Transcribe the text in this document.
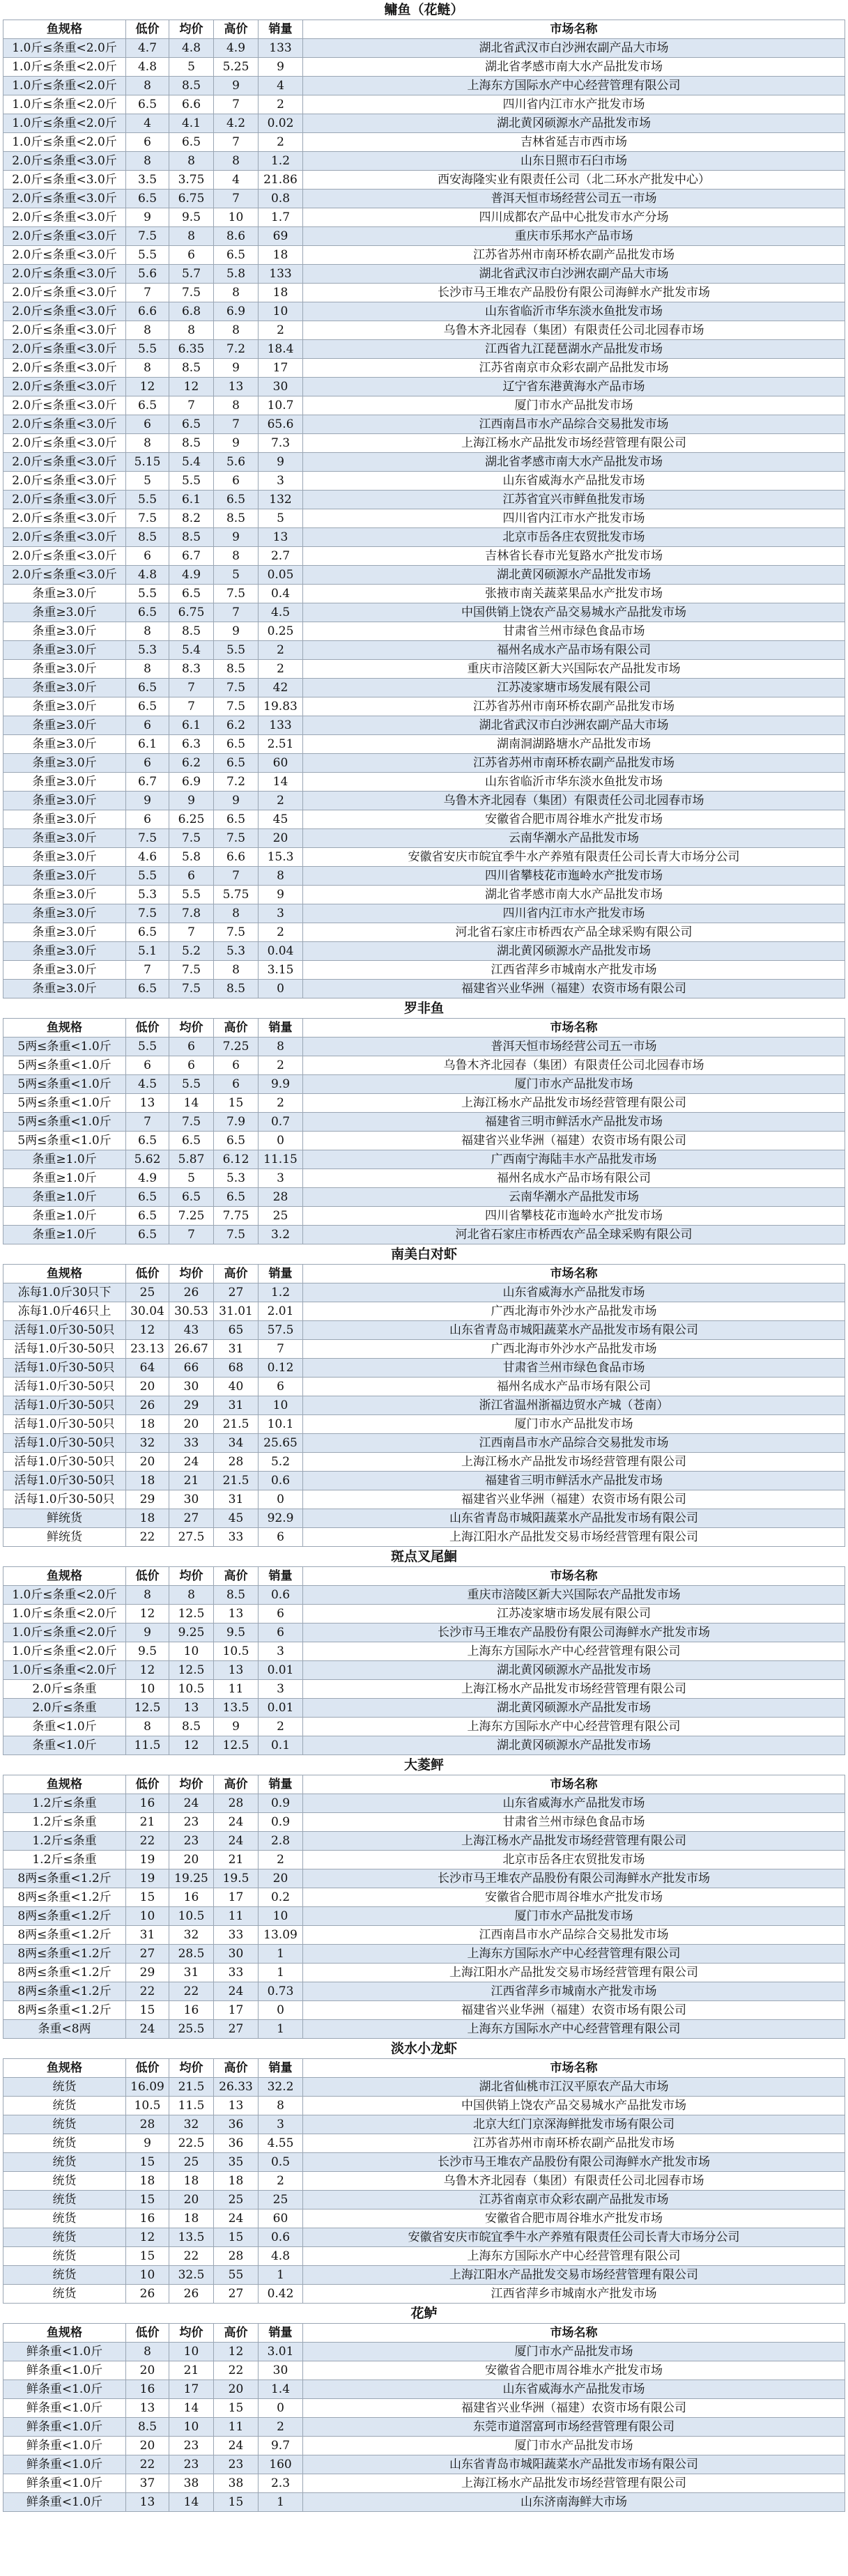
鳙鱼（花鲢）
鱼规格	低价	均价	高价	销量	市场名称
1.0斤≤条重<2.0斤	4.7	4.8	4.9	133	湖北省武汉市白沙洲农副产品大市场
1.0斤≤条重<2.0斤	4.8	5	5.25	9	湖北省孝感市南大水产品批发市场
1.0斤≤条重<2.0斤	8	8.5	9	4	上海东方国际水产中心经营管理有限公司
1.0斤≤条重<2.0斤	6.5	6.6	7	2	四川省内江市水产批发市场
1.0斤≤条重<2.0斤	4	4.1	4.2	0.02	湖北黄冈硕源水产品批发市场
1.0斤≤条重<2.0斤	6	6.5	7	2	吉林省延吉市西市场
2.0斤≤条重<3.0斤	8	8	8	1.2	山东日照市石臼市场
2.0斤≤条重<3.0斤	3.5	3.75	4	21.86	西安海隆实业有限责任公司（北二环水产批发中心）
2.0斤≤条重<3.0斤	6.5	6.75	7	0.8	普洱天恒市场经营公司五一市场
2.0斤≤条重<3.0斤	9	9.5	10	1.7	四川成都农产品中心批发市水产分场
2.0斤≤条重<3.0斤	7.5	8	8.6	69	重庆市乐邦水产品市场
2.0斤≤条重<3.0斤	5.5	6	6.5	18	江苏省苏州市南环桥农副产品批发市场
2.0斤≤条重<3.0斤	5.6	5.7	5.8	133	湖北省武汉市白沙洲农副产品大市场
2.0斤≤条重<3.0斤	7	7.5	8	18	长沙市马王堆农产品股份有限公司海鲜水产批发市场
2.0斤≤条重<3.0斤	6.6	6.8	6.9	10	山东省临沂市华东淡水鱼批发市场
2.0斤≤条重<3.0斤	8	8	8	2	乌鲁木齐北园春（集团）有限责任公司北园春市场
2.0斤≤条重<3.0斤	5.5	6.35	7.2	18.4	江西省九江琵琶湖水产品批发市场
2.0斤≤条重<3.0斤	8	8.5	9	17	江苏省南京市众彩农副产品批发市场
2.0斤≤条重<3.0斤	12	12	13	30	辽宁省东港黄海水产品市场
2.0斤≤条重<3.0斤	6.5	7	8	10.7	厦门市水产品批发市场
2.0斤≤条重<3.0斤	6	6.5	7	65.6	江西南昌市水产品综合交易批发市场
2.0斤≤条重<3.0斤	8	8.5	9	7.3	上海江杨水产品批发市场经营管理有限公司
2.0斤≤条重<3.0斤	5.15	5.4	5.6	9	湖北省孝感市南大水产品批发市场
2.0斤≤条重<3.0斤	5	5.5	6	3	山东省威海水产品批发市场
2.0斤≤条重<3.0斤	5.5	6.1	6.5	132	江苏省宜兴市鲜鱼批发市场
2.0斤≤条重<3.0斤	7.5	8.2	8.5	5	四川省内江市水产批发市场
2.0斤≤条重<3.0斤	8.5	8.5	9	13	北京市岳各庄农贸批发市场
2.0斤≤条重<3.0斤	6	6.7	8	2.7	吉林省长春市光复路水产批发市场
2.0斤≤条重<3.0斤	4.8	4.9	5	0.05	湖北黄冈硕源水产品批发市场
条重≥3.0斤	5.5	6.5	7.5	0.4	张掖市南关蔬菜果品水产批发市场
条重≥3.0斤	6.5	6.75	7	4.5	中国供销上饶农产品交易城水产品批发市场
条重≥3.0斤	8	8.5	9	0.25	甘肃省兰州市绿色食品市场
条重≥3.0斤	5.3	5.4	5.5	2	福州名成水产品市场有限公司
条重≥3.0斤	8	8.3	8.5	2	重庆市涪陵区新大兴国际农产品批发市场
条重≥3.0斤	6.5	7	7.5	42	江苏凌家塘市场发展有限公司
条重≥3.0斤	6.5	7	7.5	19.83	江苏省苏州市南环桥农副产品批发市场
条重≥3.0斤	6	6.1	6.2	133	湖北省武汉市白沙洲农副产品大市场
条重≥3.0斤	6.1	6.3	6.5	2.51	湖南洞湖路塘水产品批发市场
条重≥3.0斤	6	6.2	6.5	60	江苏省苏州市南环桥农副产品批发市场
条重≥3.0斤	6.7	6.9	7.2	14	山东省临沂市华东淡水鱼批发市场
条重≥3.0斤	9	9	9	2	乌鲁木齐北园春（集团）有限责任公司北园春市场
条重≥3.0斤	6	6.25	6.5	45	安徽省合肥市周谷堆水产批发市场
条重≥3.0斤	7.5	7.5	7.5	20	云南华潮水产品批发市场
条重≥3.0斤	4.6	5.8	6.6	15.3	安徽省安庆市皖宜季牛水产养殖有限责任公司长青大市场分公司
条重≥3.0斤	5.5	6	7	8	四川省攀枝花市迤岭水产批发市场
条重≥3.0斤	5.3	5.5	5.75	9	湖北省孝感市南大水产品批发市场
条重≥3.0斤	7.5	7.8	8	3	四川省内江市水产批发市场
条重≥3.0斤	6.5	7	7.5	2	河北省石家庄市桥西农产品全球采购有限公司
条重≥3.0斤	5.1	5.2	5.3	0.04	湖北黄冈硕源水产品批发市场
条重≥3.0斤	7	7.5	8	3.15	江西省萍乡市城南水产批发市场
条重≥3.0斤	6.5	7.5	8.5	0	福建省兴业华洲（福建）农资市场有限公司
罗非鱼
鱼规格	低价	均价	高价	销量	市场名称
5两≤条重<1.0斤	5.5	6	7.25	8	普洱天恒市场经营公司五一市场
5两≤条重<1.0斤	6	6	6	2	乌鲁木齐北园春（集团）有限责任公司北园春市场
5两≤条重<1.0斤	4.5	5.5	6	9.9	厦门市水产品批发市场
5两≤条重<1.0斤	13	14	15	2	上海江杨水产品批发市场经营管理有限公司
5两≤条重<1.0斤	7	7.5	7.9	0.7	福建省三明市鲜活水产品批发市场
5两≤条重<1.0斤	6.5	6.5	6.5	0	福建省兴业华洲（福建）农资市场有限公司
条重≥1.0斤	5.62	5.87	6.12	11.15	广西南宁海陆丰水产品批发市场
条重≥1.0斤	4.9	5	5.3	3	福州名成水产品市场有限公司
条重≥1.0斤	6.5	6.5	6.5	28	云南华潮水产品批发市场
条重≥1.0斤	6.5	7.25	7.75	25	四川省攀枝花市迤岭水产批发市场
条重≥1.0斤	6.5	7	7.5	3.2	河北省石家庄市桥西农产品全球采购有限公司
南美白对虾
鱼规格	低价	均价	高价	销量	市场名称
冻每1.0斤30只下	25	26	27	1.2	山东省威海水产品批发市场
冻每1.0斤46只上	30.04	30.53	31.01	2.01	广西北海市外沙水产品批发市场
活每1.0斤30-50只	12	43	65	57.5	山东省青岛市城阳蔬菜水产品批发市场有限公司
活每1.0斤30-50只	23.13	26.67	31	7	广西北海市外沙水产品批发市场
活每1.0斤30-50只	64	66	68	0.12	甘肃省兰州市绿色食品市场
活每1.0斤30-50只	20	30	40	6	福州名成水产品市场有限公司
活每1.0斤30-50只	26	29	31	10	浙江省温州浙福边贸水产城（苍南）
活每1.0斤30-50只	18	20	21.5	10.1	厦门市水产品批发市场
活每1.0斤30-50只	32	33	34	25.65	江西南昌市水产品综合交易批发市场
活每1.0斤30-50只	20	24	28	5.2	上海江杨水产品批发市场经营管理有限公司
活每1.0斤30-50只	18	21	21.5	0.6	福建省三明市鲜活水产品批发市场
活每1.0斤30-50只	29	30	31	0	福建省兴业华洲（福建）农资市场有限公司
鲜统货	18	27	45	92.9	山东省青岛市城阳蔬菜水产品批发市场有限公司
鲜统货	22	27.5	33	6	上海江阳水产品批发交易市场经营管理有限公司
斑点叉尾鮰
鱼规格	低价	均价	高价	销量	市场名称
1.0斤≤条重<2.0斤	8	8	8.5	0.6	重庆市涪陵区新大兴国际农产品批发市场
1.0斤≤条重<2.0斤	12	12.5	13	6	江苏凌家塘市场发展有限公司
1.0斤≤条重<2.0斤	9	9.25	9.5	6	长沙市马王堆农产品股份有限公司海鲜水产批发市场
1.0斤≤条重<2.0斤	9.5	10	10.5	3	上海东方国际水产中心经营管理有限公司
1.0斤≤条重<2.0斤	12	12.5	13	0.01	湖北黄冈硕源水产品批发市场
2.0斤≤条重	10	10.5	11	3	上海江杨水产品批发市场经营管理有限公司
2.0斤≤条重	12.5	13	13.5	0.01	湖北黄冈硕源水产品批发市场
条重<1.0斤	8	8.5	9	2	上海东方国际水产中心经营管理有限公司
条重<1.0斤	11.5	12	12.5	0.1	湖北黄冈硕源水产品批发市场
大菱鲆
鱼规格	低价	均价	高价	销量	市场名称
1.2斤≤条重	16	24	28	0.9	山东省威海水产品批发市场
1.2斤≤条重	21	23	24	0.9	甘肃省兰州市绿色食品市场
1.2斤≤条重	22	23	24	2.8	上海江杨水产品批发市场经营管理有限公司
1.2斤≤条重	19	20	21	2	北京市岳各庄农贸批发市场
8两≤条重<1.2斤	19	19.25	19.5	20	长沙市马王堆农产品股份有限公司海鲜水产批发市场
8两≤条重<1.2斤	15	16	17	0.2	安徽省合肥市周谷堆水产批发市场
8两≤条重<1.2斤	10	10.5	11	10	厦门市水产品批发市场
8两≤条重<1.2斤	31	32	33	13.09	江西南昌市水产品综合交易批发市场
8两≤条重<1.2斤	27	28.5	30	1	上海东方国际水产中心经营管理有限公司
8两≤条重<1.2斤	29	31	33	1	上海江阳水产品批发交易市场经营管理有限公司
8两≤条重<1.2斤	22	22	24	0.73	江西省萍乡市城南水产批发市场
8两≤条重<1.2斤	15	16	17	0	福建省兴业华洲（福建）农资市场有限公司
条重<8两	24	25.5	27	1	上海东方国际水产中心经营管理有限公司
淡水小龙虾
鱼规格	低价	均价	高价	销量	市场名称
统货	16.09	21.5	26.33	32.2	湖北省仙桃市江汉平原农产品大市场
统货	10.5	11.5	13	8	中国供销上饶农产品交易城水产品批发市场
统货	28	32	36	3	北京大红门京深海鲜批发市场有限公司
统货	9	22.5	36	4.55	江苏省苏州市南环桥农副产品批发市场
统货	15	25	35	0.5	长沙市马王堆农产品股份有限公司海鲜水产批发市场
统货	18	18	18	2	乌鲁木齐北园春（集团）有限责任公司北园春市场
统货	15	20	25	25	江苏省南京市众彩农副产品批发市场
统货	16	18	24	60	安徽省合肥市周谷堆水产批发市场
统货	12	13.5	15	0.6	安徽省安庆市皖宜季牛水产养殖有限责任公司长青大市场分公司
统货	15	22	28	4.8	上海东方国际水产中心经营管理有限公司
统货	10	32.5	55	1	上海江阳水产品批发交易市场经营管理有限公司
统货	26	26	27	0.42	江西省萍乡市城南水产批发市场
花鲈
鱼规格	低价	均价	高价	销量	市场名称
鲜条重<1.0斤	8	10	12	3.01	厦门市水产品批发市场
鲜条重<1.0斤	20	21	22	30	安徽省合肥市周谷堆水产批发市场
鲜条重<1.0斤	16	17	20	1.4	山东省威海水产品批发市场
鲜条重<1.0斤	13	14	15	0	福建省兴业华洲（福建）农资市场有限公司
鲜条重<1.0斤	8.5	10	11	2	东莞市道滘富珂市场经营管理有限公司
鲜条重<1.0斤	20	23	24	9.7	厦门市水产品批发市场
鲜条重<1.0斤	22	23	23	160	山东省青岛市城阳蔬菜水产品批发市场有限公司
鲜条重<1.0斤	37	38	38	2.3	上海江杨水产品批发市场经营管理有限公司
鲜条重<1.0斤	13	14	15	1	山东济南海鲜大市场
